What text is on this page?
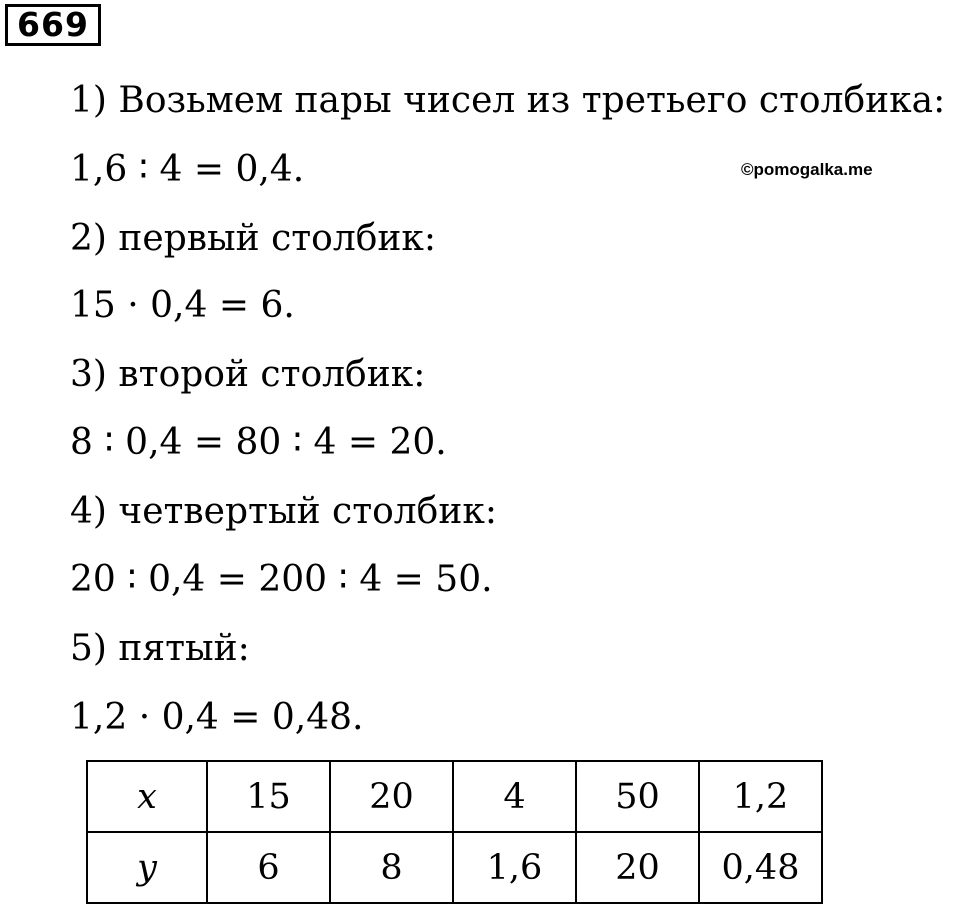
669
©pomogalka.me
1) Возьмем пары чисел из третьего столбика:
1,6 ∶ 4 = 0,4.
2) первый столбик:
15 · 0,4 = 6.
3) второй столбик:
8 ∶ 0,4 = 80 ∶ 4 = 20.
4) четвертый столбик:
20 ∶ 0,4 = 200 ∶ 4 = 50.
5) пятый:
1,2 · 0,4 = 0,48.
x	15	20	4	50	1,2
y	6	8	1,6	20	0,48
